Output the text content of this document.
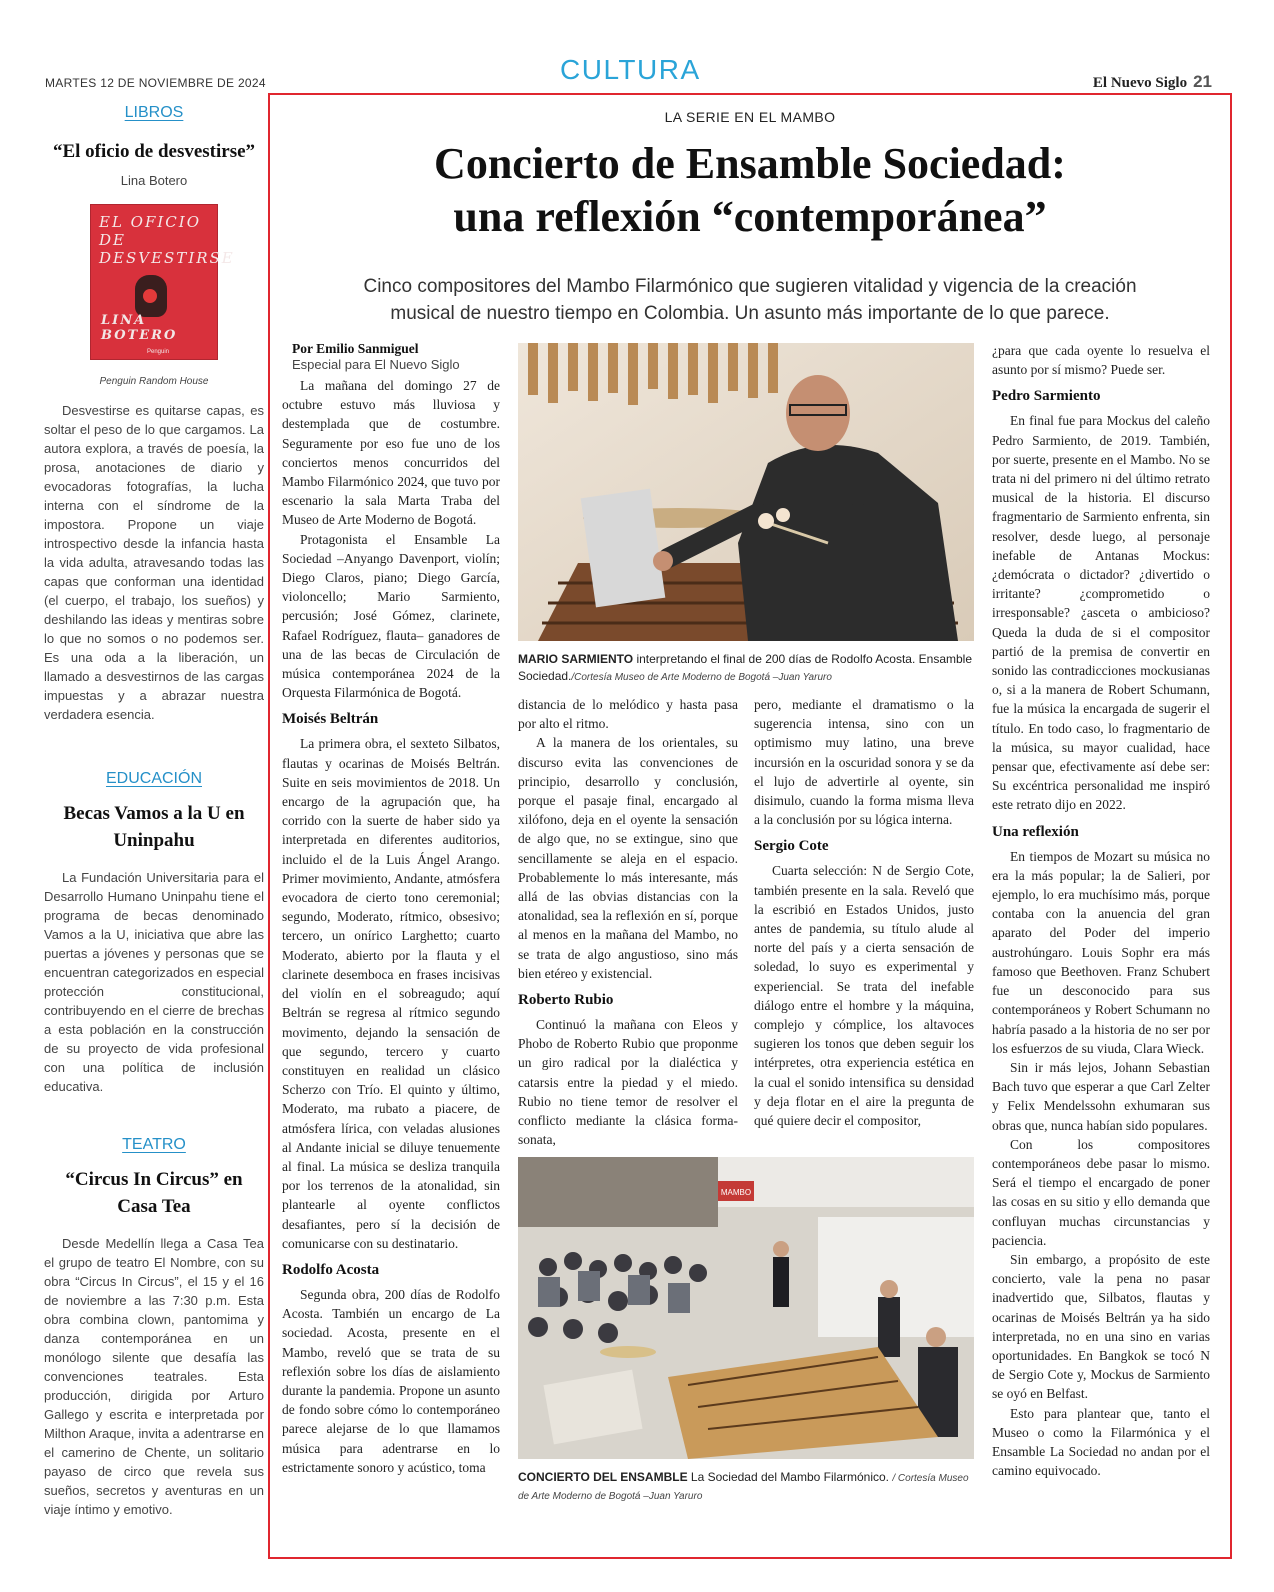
MARTES 12 DE NOVIEMBRE DE 2024	CULTURA	El Nuevo Siglo 21
LIBROS
“El oficio de desvestirse”
Lina Botero
EL OFICIO DE DESVESTIRSE
LINA BOTERO
Penguin
Penguin Random House

Desvestirse es quitarse capas, es soltar el peso de lo que cargamos. La autora explora, a través de poesía, la prosa, anotaciones de diario y evocadoras fotografías, la lucha interna con el síndrome de la impostora. Propone un viaje introspectivo desde la infancia hasta la vida adulta, atravesando todas las capas que conforman una identidad (el cuerpo, el trabajo, los sueños) y deshilando las ideas y mentiras sobre lo que no somos o no podemos ser. Es una oda a la liberación, un llamado a desvestirnos de las cargas impuestas y a abrazar nuestra verdadera esencia.

EDUCACIÓN
Becas Vamos a la U en Uninpahu

La Fundación Universitaria para el Desarrollo Humano Uninpahu tiene el programa de becas denominado Vamos a la U, iniciativa que abre las puertas a jóvenes y personas que se encuentran categorizados en especial protección constitucional, contribuyendo en el cierre de brechas a esta población en la construcción de su proyecto de vida profesional con una política de inclusión educativa.

TEATRO
“Circus In Circus” en Casa Tea

Desde Medellín llega a Casa Tea el grupo de teatro El Nombre, con su obra “Circus In Circus”, el 15 y el 16 de noviembre a las 7:30 p.m. Esta obra combina clown, pantomima y danza contemporánea en un monólogo silente que desafía las convenciones teatrales. Esta producción, dirigida por Arturo Gallego y escrita e interpretada por Milthon Araque, invita a adentrarse en el camerino de Chente, un solitario payaso de circo que revela sus sueños, secretos y aventuras en un viaje íntimo y emotivo.

LA SERIE EN EL MAMBO
Concierto de Ensamble Sociedad:
una reflexión “contemporánea”
Cinco compositores del Mambo Filarmónico que sugieren vitalidad y vigencia de la creación
musical de nuestro tiempo en Colombia. Un asunto más importante de lo que parece.
Por Emilio Sanmiguel
Especial para El Nuevo Siglo

La mañana del domingo 27 de octubre estuvo más lluviosa y destemplada que de costumbre. Seguramente por eso fue uno de los conciertos menos concurridos del Mambo Filarmónico 2024, que tuvo por escenario la sala Marta Traba del Museo de Arte Moderno de Bogotá.

Protagonista el Ensamble La Sociedad –Anyango Davenport, violín; Diego Claros, piano; Diego García, violoncello; Mario Sarmiento, percusión; José Gómez, clarinete, Rafael Rodríguez, flauta– ganadores de una de las becas de Circulación de música contemporánea 2024 de la Orquesta Filarmónica de Bogotá.

Moisés Beltrán

La primera obra, el sexteto Silbatos, flautas y ocarinas de Moisés Beltrán. Suite en seis movimientos de 2018. Un encargo de la agrupación que, ha corrido con la suerte de haber sido ya interpretada en diferentes auditorios, incluido el de la Luis Ángel Arango. Primer movimiento, Andante, atmósfera evocadora de cierto tono ceremonial; segundo, Moderato, rítmico, obsesivo; tercero, un onírico Larghetto; cuarto Moderato, abierto por la flauta y el clarinete desemboca en frases incisivas del violín en el sobreagudo; aquí Beltrán se regresa al rítmico segundo movimento, dejando la sensación de que segundo, tercero y cuarto constituyen en realidad un clásico Scherzo con Trío. El quinto y último, Moderato, ma rubato a piacere, de atmósfera lírica, con veladas alusiones al Andante inicial se diluye tenuemente al final. La música se desliza tranquila por los terrenos de la atonalidad, sin plantearle al oyente conflictos desafiantes, pero sí la decisión de comunicarse con su destinatario.

Rodolfo Acosta

Segunda obra, 200 días de Rodolfo Acosta. También un encargo de La sociedad. Acosta, presente en el Mambo, reveló que se trata de su reflexión sobre los días de aislamiento durante la pandemia. Propone un asunto de fondo sobre cómo lo contemporáneo parece alejarse de lo que llamamos música para adentrarse en lo estrictamente sonoro y acústico, toma

MARIO SARMIENTO interpretando el final de 200 días de Rodolfo Acosta. Ensamble Sociedad./Cortesía Museo de Arte Moderno de Bogotá –Juan Yaruro

distancia de lo melódico y hasta pasa por alto el ritmo.

A la manera de los orientales, su discurso evita las convenciones de principio, desarrollo y conclusión, porque el pasaje final, encargado al xilófono, deja en el oyente la sensación de algo que, no se extingue, sino que sencillamente se aleja en el espacio. Probablemente lo más interesante, más allá de las obvias distancias con la atonalidad, sea la reflexión en sí, porque al menos en la mañana del Mambo, no se trata de algo angustioso, sino más bien etéreo y existencial.

Roberto Rubio

Continuó la mañana con Eleos y Phobo de Roberto Rubio que proponme un giro radical por la dialéctica y catarsis entre la piedad y el miedo. Rubio no tiene temor de resolver el conflicto mediante la clásica forma-sonata,

pero, mediante el dramatismo o la sugerencia intensa, sino con un optimismo muy latino, una breve incursión en la oscuridad sonora y se da el lujo de advertirle al oyente, sin disimulo, cuando la forma misma lleva a la conclusión por su lógica interna.

Sergio Cote

Cuarta selección: N de Sergio Cote, también presente en la sala. Reveló que la escribió en Estados Unidos, justo antes de pandemia, su título alude al norte del país y a cierta sensación de soledad, lo suyo es experimental y experiencial. Se trata del inefable diálogo entre el hombre y la máquina, complejo y cómplice, los altavoces sugieren los tonos que deben seguir los intérpretes, otra experiencia estética en la cual el sonido intensifica su densidad y deja flotar en el aire la pregunta de qué quiere decir el compositor,

MAMBO
CONCIERTO DEL ENSAMBLE La Sociedad del Mambo Filarmónico. / Cortesía Museo de Arte Moderno de Bogotá –Juan Yaruro

¿para que cada oyente lo resuelva el asunto por sí mismo? Puede ser.

Pedro Sarmiento

En final fue para Mockus del caleño Pedro Sarmiento, de 2019. También, por suerte, presente en el Mambo. No se trata ni del primero ni del último retrato musical de la historia. El discurso fragmentario de Sarmiento enfrenta, sin resolver, desde luego, al personaje inefable de Antanas Mockus: ¿demócrata o dictador? ¿divertido o irritante? ¿comprometido o irresponsable? ¿asceta o ambicioso? Queda la duda de si el compositor partió de la premisa de convertir en sonido las contradicciones mockusianas o, si a la manera de Robert Schumann, fue la música la encargada de sugerir el título. En todo caso, lo fragmentario de la música, su mayor cualidad, hace pensar que, efectivamente así debe ser: Su excéntrica personalidad me inspiró este retrato dijo en 2022.

Una reflexión

En tiempos de Mozart su música no era la más popular; la de Salieri, por ejemplo, lo era muchísimo más, porque contaba con la anuencia del gran aparato del Poder del imperio austrohúngaro. Louis Sophr era más famoso que Beethoven. Franz Schubert fue un desconocido para sus contemporáneos y Robert Schumann no habría pasado a la historia de no ser por los esfuerzos de su viuda, Clara Wieck.

Sin ir más lejos, Johann Sebastian Bach tuvo que esperar a que Carl Zelter y Felix Mendelssohn exhumaran sus obras que, nunca habían sido populares.

Con los compositores contemporáneos debe pasar lo mismo. Será el tiempo el encargado de poner las cosas en su sitio y ello demanda que confluyan muchas circunstancias y paciencia.

Sin embargo, a propósito de este concierto, vale la pena no pasar inadvertido que, Silbatos, flautas y ocarinas de Moisés Beltrán ya ha sido interpretada, no en una sino en varias oportunidades. En Bangkok se tocó N de Sergio Cote y, Mockus de Sarmiento se oyó en Belfast.

Esto para plantear que, tanto el Museo o como la Filarmónica y el Ensamble La Sociedad no andan por el camino equivocado.
